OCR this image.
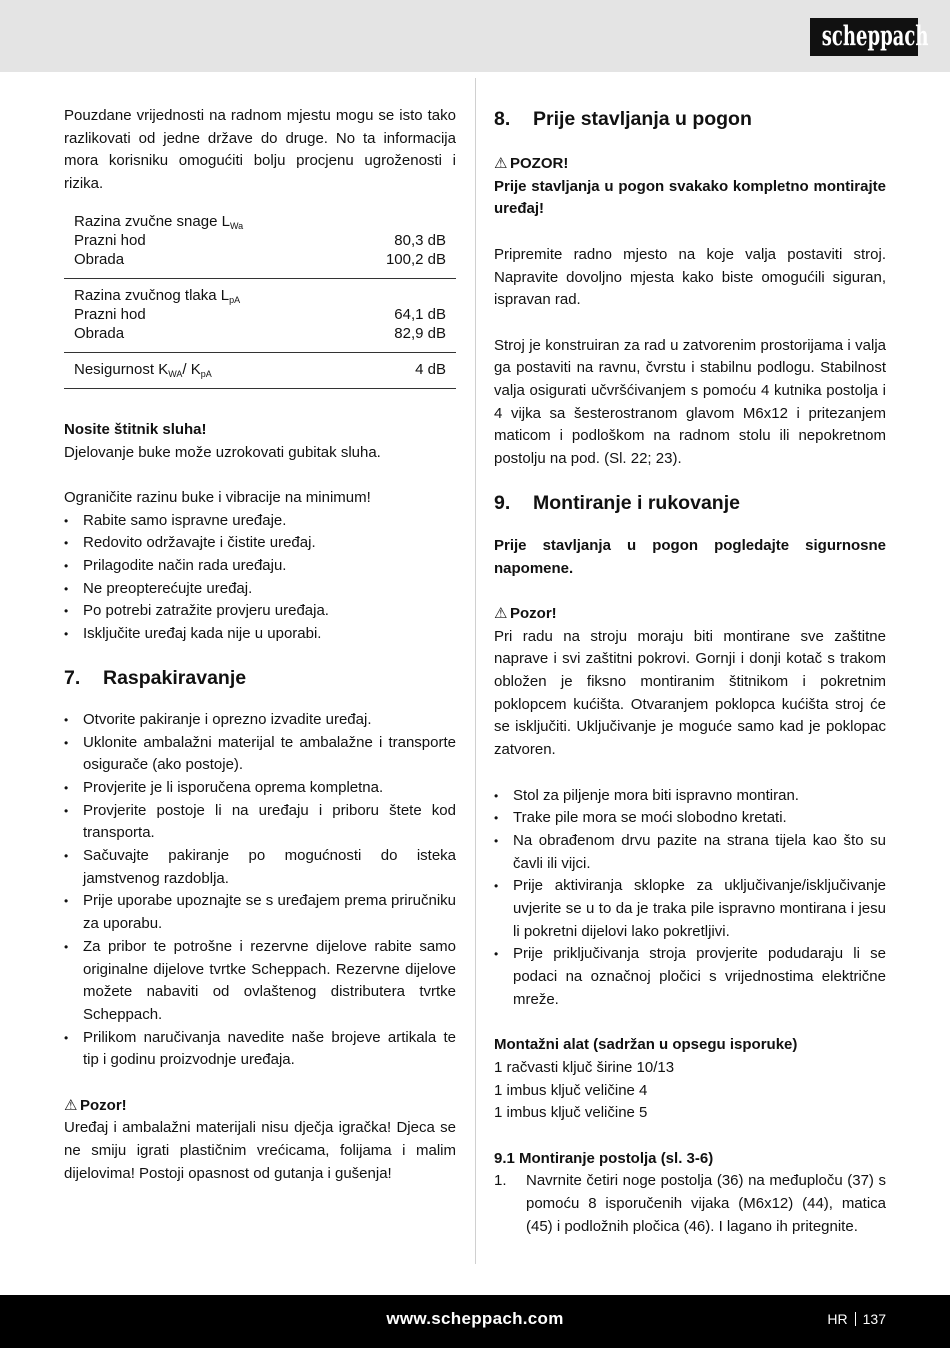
scheppach

Pouzdane vrijednosti na radnom mjestu mogu se isto tako razlikovati od jedne države do druge. No ta informacija mora korisniku omogućiti bolju procjenu ugroženosti i rizika.

Razina zvučne snage $L_{Wa}$	
Prazni hod	80,3 dB
Obrada	100,2 dB
Razina zvučnog tlaka $L_{pA}$	
Prazni hod	64,1 dB
Obrada	82,9 dB
Nesigurnost $K_{WA}/$ $K_{pA}$	4 dB

Nosite štitnik sluha!

Djelovanje buke može uzrokovati gubitak sluha.

Ograničite razinu buke i vibracije na minimum!

• Rabite samo ispravne uređaje.
• Redovito održavajte i čistite uređaj.
• Prilagodite način rada uređaju.
• Ne preopterećujte uređaj.
• Po potrebi zatražite provjeru uređaja.
• Isključite uređaj kada nije u uporabi.
7. Raspakiravanje
• Otvorite pakiranje i oprezno izvadite uređaj.
• Uklonite ambalažni materijal te ambalažne i transporte osigurače (ako postoje).
• Provjerite je li isporučena oprema kompletna.
• Provjerite postoje li na uređaju i priboru štete kod transporta.
• Sačuvajte pakiranje po mogućnosti do isteka jamstvenog razdoblja.
• Prije uporabe upoznajte se s uređajem prema priručniku za uporabu.
• Za pribor te potrošne i rezervne dijelove rabite samo originalne dijelove tvrtke Scheppach. Rezervne dijelove možete nabaviti od ovlaštenog distributera tvrtke Scheppach.
• Prilikom naručivanja navedite naše brojeve artikala te tip i godinu proizvodnje uređaja.

⚠ Pozor!

Uređaj i ambalažni materijali nisu dječja igračka! Djeca se ne smiju igrati plastičnim vrećicama, folijama i malim dijelovima! Postoji opasnost od gutanja i gušenja!

8. Prije stavljanja u pogon

⚠ POZOR!

Prije stavljanja u pogon svakako kompletno montirajte uređaj!

Pripremite radno mjesto na koje valja postaviti stroj. Napravite dovoljno mjesta kako biste omogućili siguran, ispravan rad.

Stroj je konstruiran za rad u zatvorenim prostorijama i valja ga postaviti na ravnu, čvrstu i stabilnu podlogu. Stabilnost valja osigurati učvršćivanjem s pomoću 4 kutnika postolja i 4 vijka sa šesterostranom glavom M6x12 i pritezanjem maticom i podloškom na radnom stolu ili nepokretnom postolju na pod. (Sl. 22; 23).

9. Montiranje i rukovanje

Prije stavljanja u pogon pogledajte sigurnosne napomene.

⚠ Pozor!

Pri radu na stroju moraju biti montirane sve zaštitne naprave i svi zaštitni pokrovi. Gornji i donji kotač s trakom obložen je fiksno montiranim štitnikom i pokretnim poklopcem kućišta. Otvaranjem poklopca kućišta stroj će se isključiti. Uključivanje je moguće samo kad je poklopac zatvoren.

• Stol za piljenje mora biti ispravno montiran.
• Trake pile mora se moći slobodno kretati.
• Na obrađenom drvu pazite na strana tijela kao što su čavli ili vijci.
• Prije aktiviranja sklopke za uključivanje/isključivanje uvjerite se u to da je traka pile ispravno montirana i jesu li pokretni dijelovi lako pokretljivi.
• Prije priključivanja stroja provjerite podudaraju li se podaci na označnoj pločici s vrijednostima električne mreže.

Montažni alat (sadržan u opsegu isporuke)

1 račvasti ključ širine 10/13

1 imbus ključ veličine 4

1 imbus ključ veličine 5

9.1 Montiranje postolja (sl. 3-6)

1. Navrnite četiri noge postolja (36) na međuploču (37) s pomoću 8 isporučenih vijaka (M6x12) (44), matica (45) i podložnih pločica (46). I lagano ih pritegnite.
www.scheppach.com	HR 137
